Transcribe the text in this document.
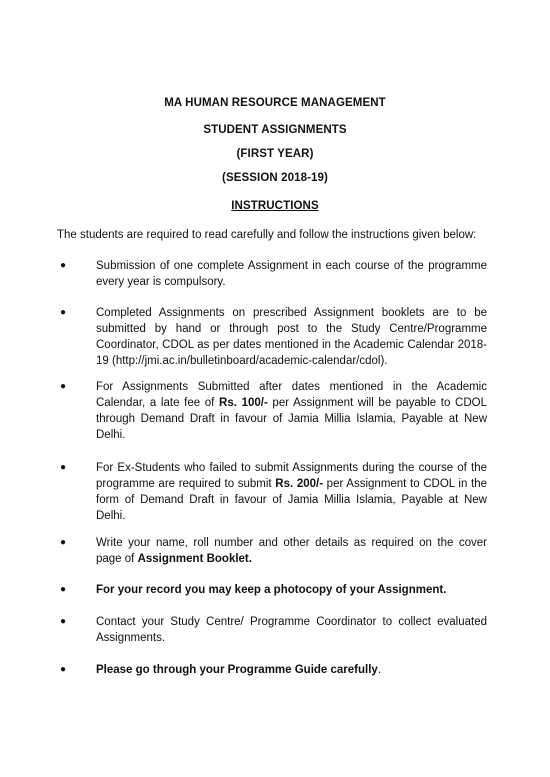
MA HUMAN RESOURCE MANAGEMENT
STUDENT ASSIGNMENTS
(FIRST YEAR)
(SESSION 2018-19)
INSTRUCTIONS
The students are required to read carefully and follow the instructions given below:
●	Submission of one complete Assignment in each course of the programme every year is compulsory.
●	Completed Assignments on prescribed Assignment booklets are to be submitted by hand or through post to the Study Centre/Programme Coordinator, CDOL as per dates mentioned in the Academic Calendar 2018-19 (http://jmi.ac.in/bulletinboard/academic-calendar/cdol).
●	For Assignments Submitted after dates mentioned in the Academic Calendar, a late fee of Rs. 100/- per Assignment will be payable to CDOL through Demand Draft in favour of Jamia Millia Islamia, Payable at New Delhi.
●	For Ex-Students who failed to submit Assignments during the course of the programme are required to submit Rs. 200/- per Assignment to CDOL in the form of Demand Draft in favour of Jamia Millia Islamia, Payable at New Delhi.
●	Write your name, roll number and other details as required on the cover page of Assignment Booklet.
●	For your record you may keep a photocopy of your Assignment.
●	Contact your Study Centre/ Programme Coordinator to collect evaluated Assignments.
●	Please go through your Programme Guide carefully.
